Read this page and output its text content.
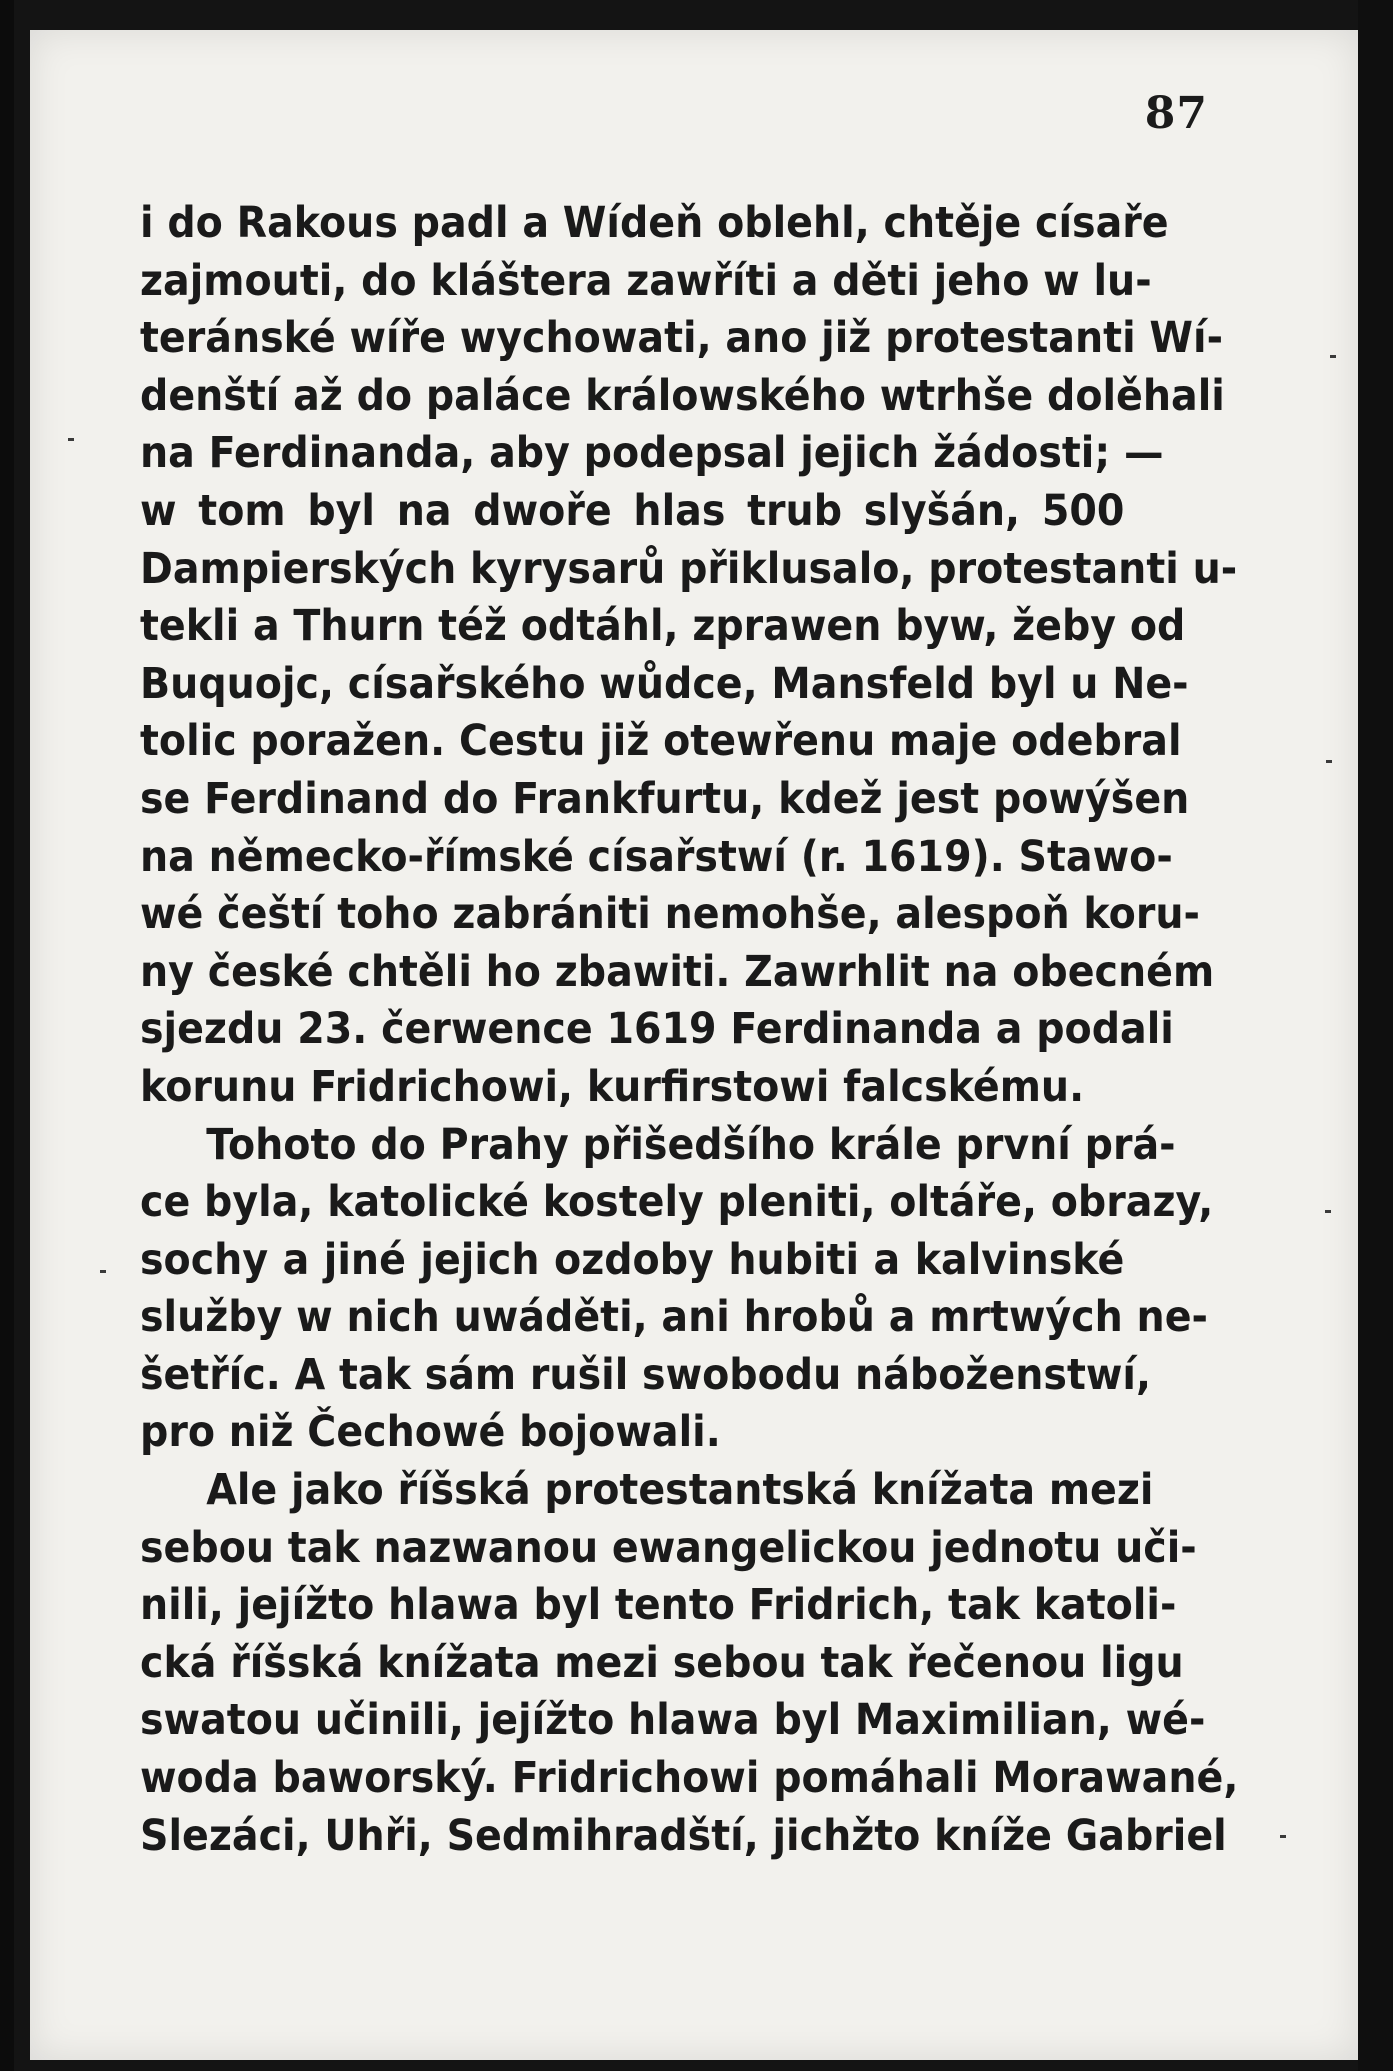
87
i do Rakous padl a Wídeň oblehl, chtěje císaře
zajmouti, do kláštera zawříti a děti jeho w lu-
teránské wíře wychowati, ano již protestanti Wí-
denští až do paláce králowského wtrhše dolěhali
na Ferdinanda, aby podepsal jejich žádosti; —
w tom byl na dwoře hlas trub slyšán, 500
Dampierských kyrysarů přiklusalo, protestanti u-
tekli a Thurn též odtáhl, zprawen byw, žeby od
Buquojc, císařského wůdce, Mansfeld byl u Ne-
tolic poražen. Cestu již otewřenu maje odebral
se Ferdinand do Frankfurtu, kdež jest powýšen
na německo-římské císařstwí (r. 1619). Stawo-
wé čeští toho zabrániti nemohše, alespoň koru-
ny české chtěli ho zbawiti. Zawrhlit na obecném
sjezdu 23. čerwence 1619 Ferdinanda a podali
korunu Fridrichowi, kurfirstowi falcskému.
Tohoto do Prahy přišedšího krále první prá-
ce byla, katolické kostely pleniti, oltáře, obrazy,
sochy a jiné jejich ozdoby hubiti a kalvinské
služby w nich uwáděti, ani hrobů a mrtwých ne-
šetříc. A tak sám rušil swobodu náboženstwí,
pro niž Čechowé bojowali.
Ale jako říšská protestantská knížata mezi
sebou tak nazwanou ewangelickou jednotu uči-
nili, jejížto hlawa byl tento Fridrich, tak katoli-
cká říšská knížata mezi sebou tak řečenou ligu
swatou učinili, jejížto hlawa byl Maximilian, wé-
woda baworský. Fridrichowi pomáhali Morawané,
Slezáci, Uhři, Sedmihradští, jichžto kníže Gabriel
